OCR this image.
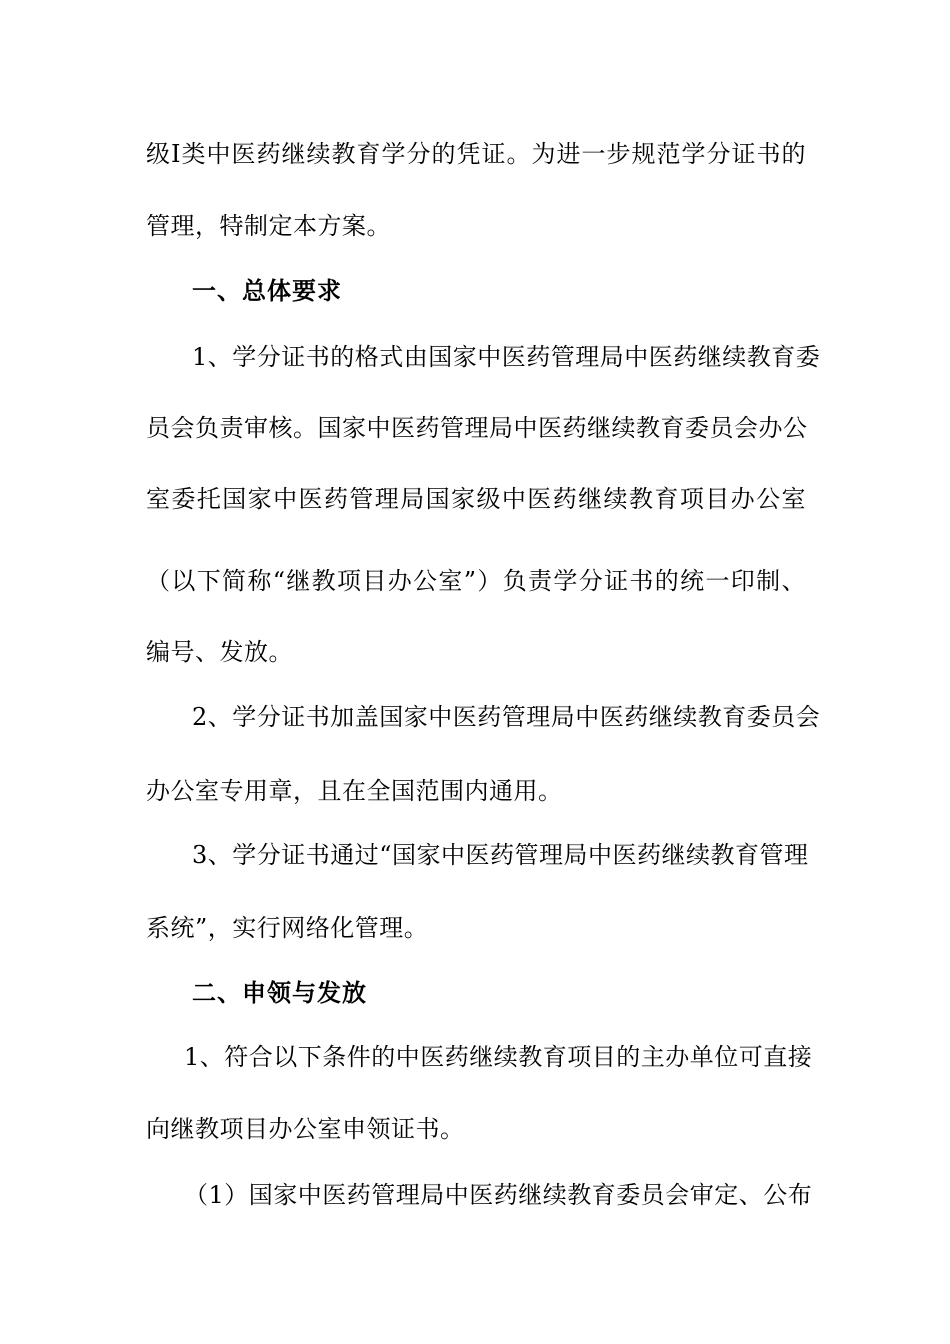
级Ⅰ类中医药继续教育学分的凭证。为进一步规范学分证书的
管理，特制定本方案。
一、总体要求
1、学分证书的格式由国家中医药管理局中医药继续教育委
员会负责审核。国家中医药管理局中医药继续教育委员会办公
室委托国家中医药管理局国家级中医药继续教育项目办公室
（以下简称“继教项目办公室”）负责学分证书的统一印制、
编号、发放。
2、学分证书加盖国家中医药管理局中医药继续教育委员会
办公室专用章，且在全国范围内通用。
3、学分证书通过“国家中医药管理局中医药继续教育管理
系统”，实行网络化管理。
二、申领与发放
1、符合以下条件的中医药继续教育项目的主办单位可直接
向继教项目办公室申领证书。
（1）国家中医药管理局中医药继续教育委员会审定、公布
